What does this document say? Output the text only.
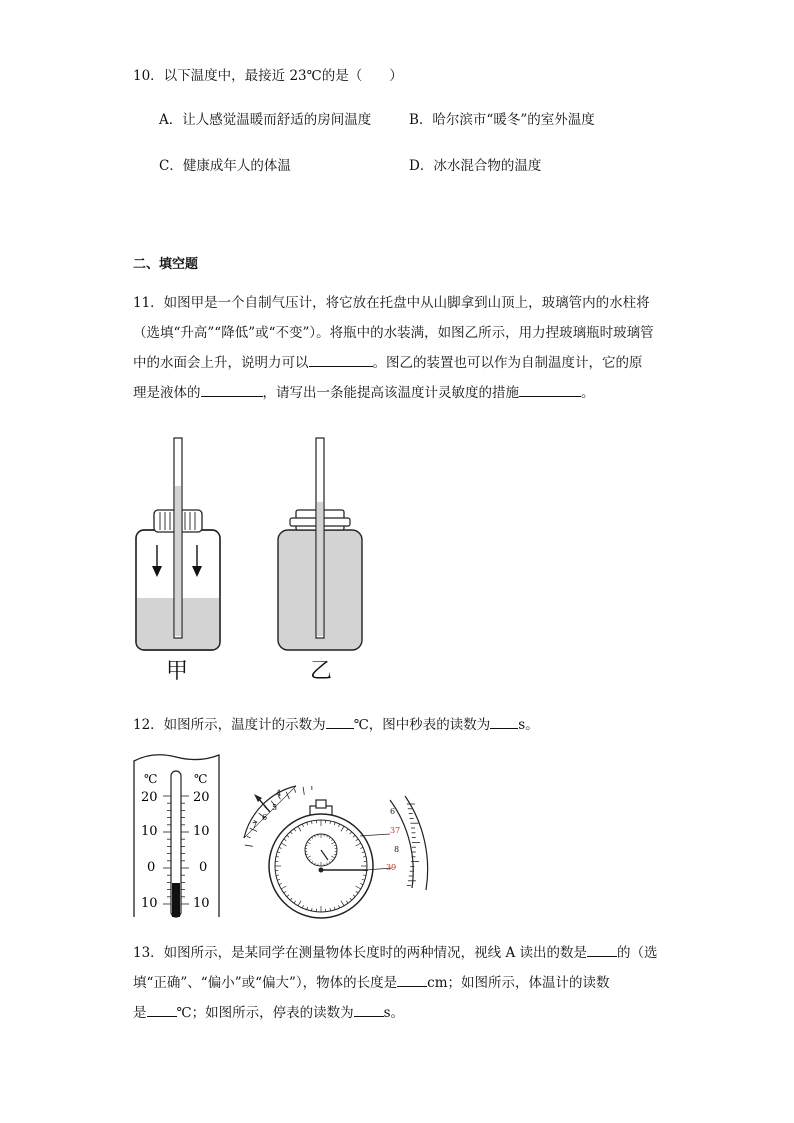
10．以下温度中，最接近 23℃的是（　　）
A．让人感觉温暖而舒适的房间温度	B．哈尔滨市“暖冬”的室外温度
C．健康成年人的体温	D．冰水混合物的温度
二、填空题
11．如图甲是一个自制气压计，将它放在托盘中从山脚拿到山顶上，玻璃管内的水柱将
（选填“升高”“降低”或“不变”）。将瓶中的水装满，如图乙所示，用力捏玻璃瓶时玻璃管
中的水面会上升，说明力可以	。图乙的装置也可以作为自制温度计，它的原
理是液体的	，请写出一条能提高该温度计灵敏度的措施	。
甲	乙
12．如图所示，温度计的示数为 ℃，图中秒表的读数为 s。
℃	℃
20
10
0
10
20
10
0
10
4
5
6
7
6
37
8
39
13．如图所示，是某同学在测量物体长度时的两种情况，视线 A 读出的数是 的（选
填“正确”、“偏小”或“偏大”），物体的长度是 cm；如图所示，体温计的读数
是 ℃；如图所示，停表的读数为 s。
